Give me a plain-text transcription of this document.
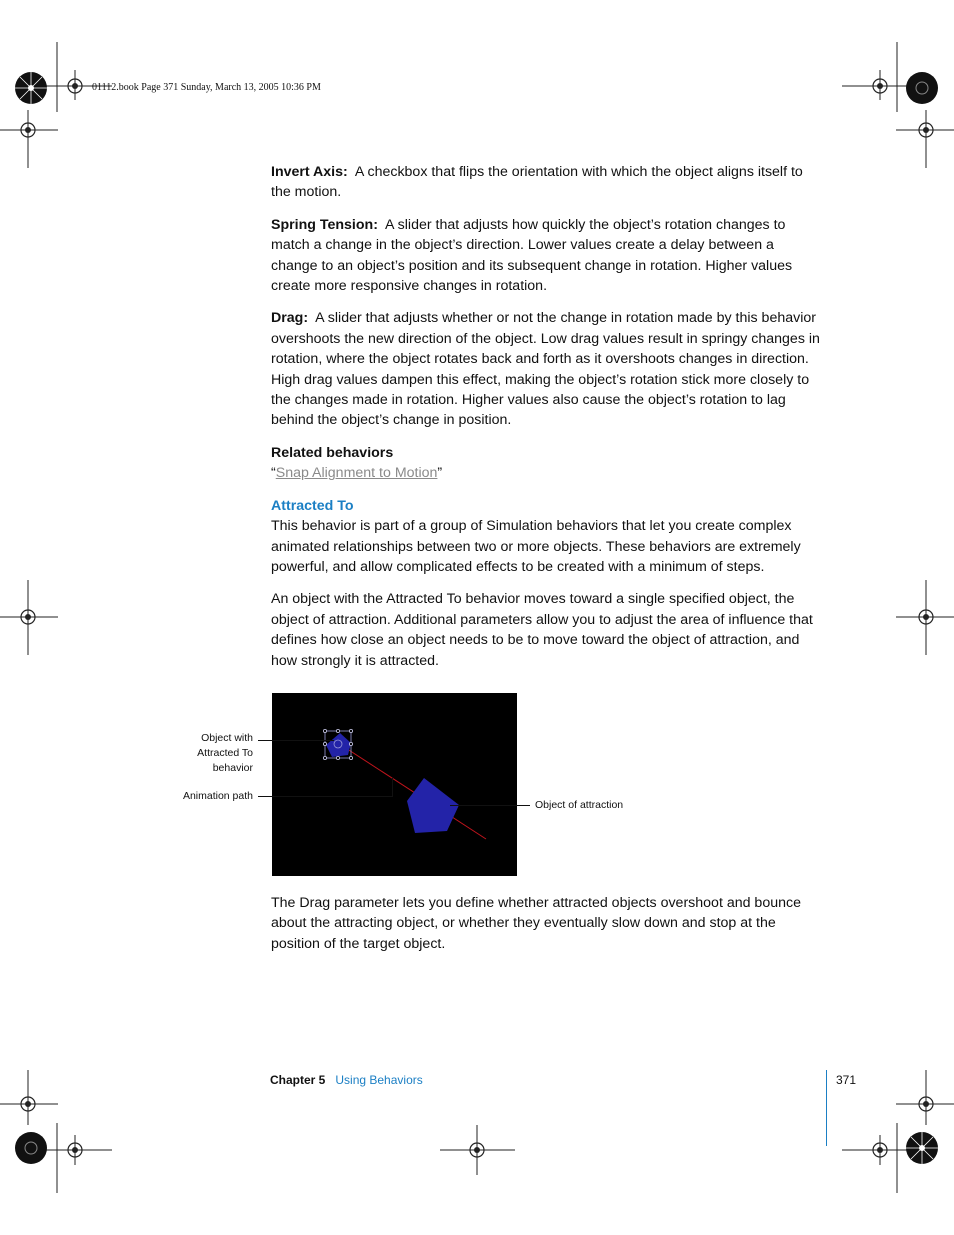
01112.book Page 371 Sunday, March 13, 2005 10:36 PM

Invert Axis: A checkbox that flips the orientation with which the object aligns itself to the motion.

Spring Tension: A slider that adjusts how quickly the object’s rotation changes to match a change in the object’s direction. Lower values create a delay between a change to an object’s position and its subsequent change in rotation. Higher values create more responsive changes in rotation.

Drag: A slider that adjusts whether or not the change in rotation made by this behavior overshoots the new direction of the object. Low drag values result in springy changes in rotation, where the object rotates back and forth as it overshoots changes in direction. High drag values dampen this effect, making the object’s rotation stick more closely to the changes made in rotation. Higher values also cause the object’s rotation to lag behind the object’s change in position.

Related behaviors
“Snap Alignment to Motion”
Attracted To

This behavior is part of a group of Simulation behaviors that let you create complex animated relationships between two or more objects. These behaviors are extremely powerful, and allow complicated effects to be created with a minimum of steps.

An object with the Attracted To behavior moves toward a single specified object, the object of attraction. Additional parameters allow you to adjust the area of influence that defines how close an object needs to be to move toward the object of attraction, and how strongly it is attracted.

Object with
Attracted To
behavior
Animation path
Object of attraction

The Drag parameter lets you define whether attracted objects overshoot and bounce about the attracting object, or whether they eventually slow down and stop at the position of the target object.

Chapter 5 Using Behaviors	371
